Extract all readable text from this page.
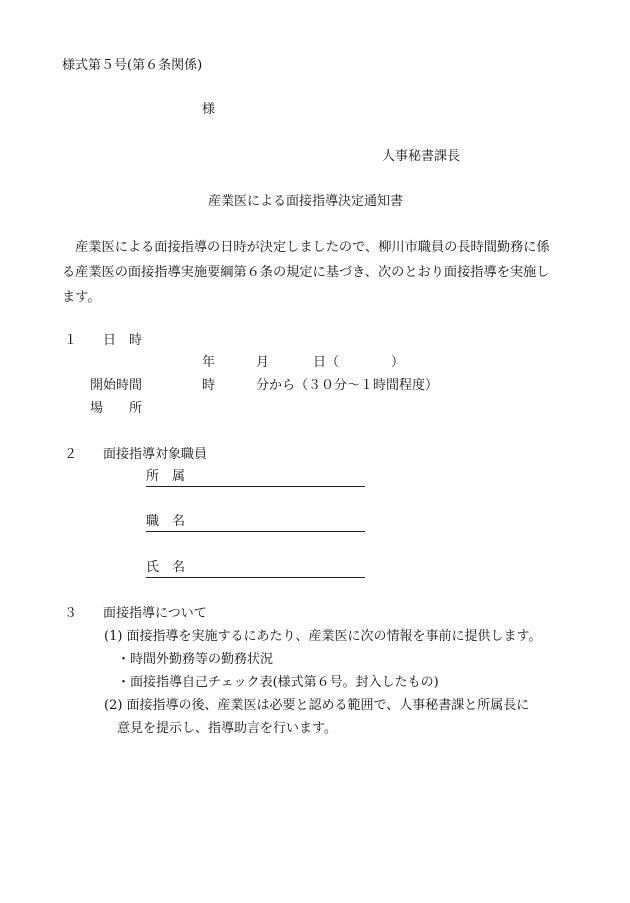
様式第５号(第６条関係)
様
人事秘書課長
産業医による面接指導決定通知書
　産業医による面接指導の日時が決定しましたので、柳川市職員の長時間勤務に係る産業医の面接指導実施要綱第６条の規定に基づき、次のとおり面接指導を実施します。
１　　日　時
年	月	日（　　　　）
開始時間	時	分から（３０分～１時間程度）
場　　所
２　　面接指導対象職員
所　属
職　名
氏　名
３　　面接指導について
(1) 面接指導を実施するにあたり、産業医に次の情報を事前に提供します。
・時間外勤務等の勤務状況
・面接指導自己チェック表(様式第６号。封入したもの)
(2) 面接指導の後、産業医は必要と認める範囲で、人事秘書課と所属長に
意見を提示し、指導助言を行います。
